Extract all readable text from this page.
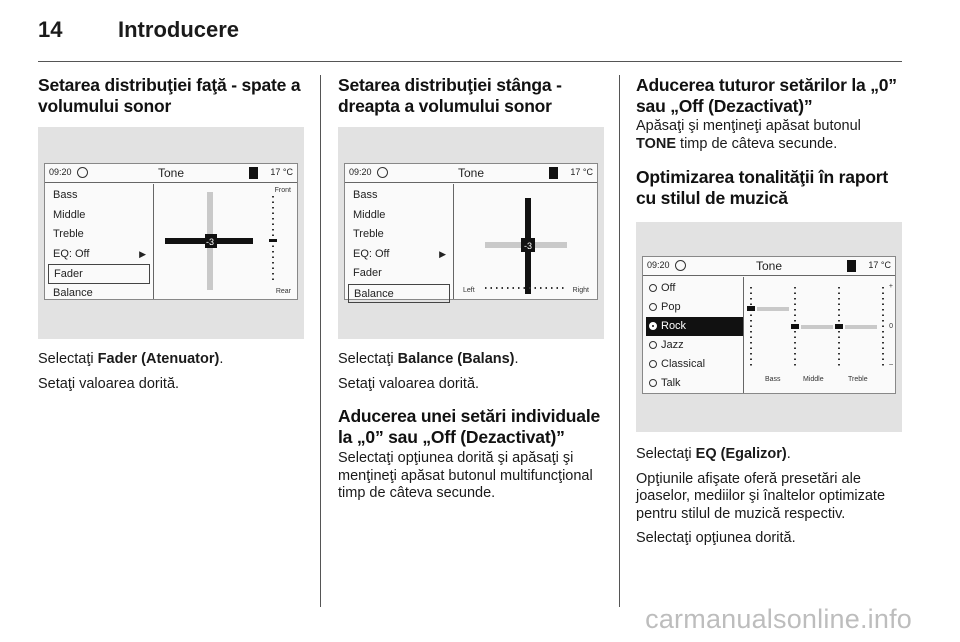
14	Introducere
Setarea distribuţiei faţă - spate a volumului sonor
09:20	Tone	17 °C
Bass
Middle
Treble
EQ: Off	▶
Fader
Balance
-3
Front
Rear

Selectaţi Fader (Atenuator).

Setaţi valoarea dorită.

Setarea distribuţiei stânga - dreapta a volumului sonor
09:20	Tone	17 °C
Bass
Middle
Treble
EQ: Off	▶
Fader
Balance
-3
Left	Right

Selectaţi Balance (Balans).

Setaţi valoarea dorită.

Aducerea unei setări individuale la „0” sau „Off (Dezactivat)”

Selectaţi opţiunea dorită şi apăsaţi şi menţineţi apăsat butonul multifuncţional timp de câteva secunde.

Aducerea tuturor setărilor la „0” sau „Off (Dezactivat)”

Apăsaţi şi menţineţi apăsat butonul TONE timp de câteva secunde.

Optimizarea tonalităţii în raport cu stilul de muzică
09:20	Tone	17 °C
Off
Pop
Rock
Jazz
Classical
Talk	Bass	Middle	Treble
+
0
–

Selectaţi EQ (Egalizor).

Opţiunile afişate oferă presetări ale joaselor, mediilor şi înaltelor optimizate pentru stilul de muzică respectiv.

Selectaţi opţiunea dorită.

carmanualsonline.info
